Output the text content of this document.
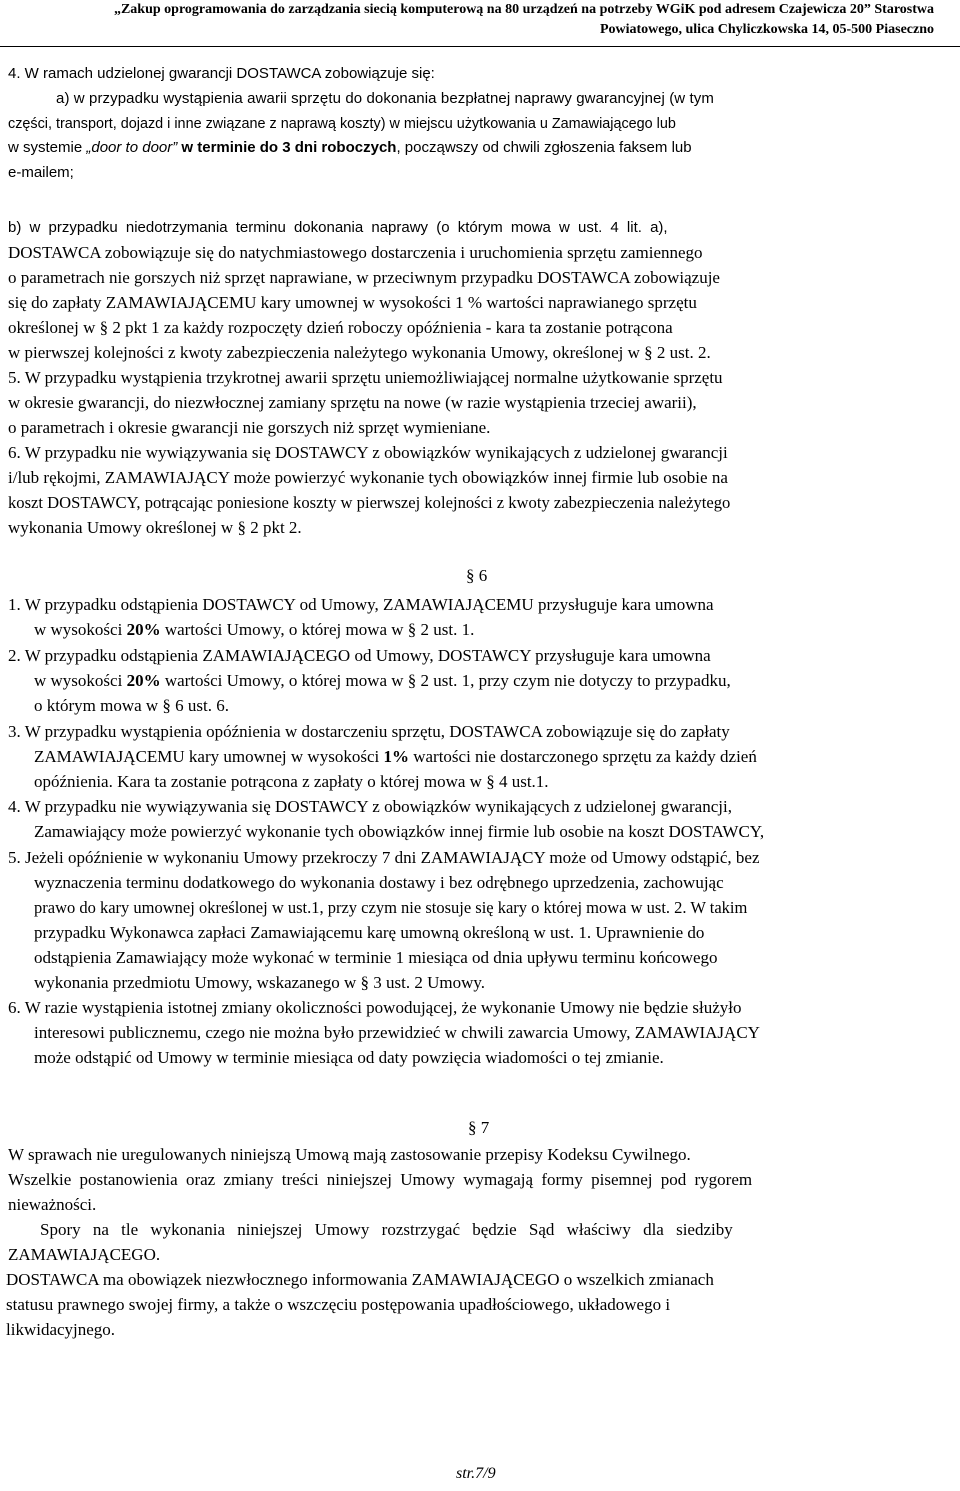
„Zakup oprogramowania do zarządzania siecią komputerową na 80 urządzeń na potrzeby WGiK pod adresem Czajewicza 20” Starostwa
Powiatowego, ulica Chyliczkowska 14, 05-500 Piaseczno
4. W ramach udzielonej gwarancji DOSTAWCA zobowiązuje się:
a) w przypadku wystąpienia awarii sprzętu do dokonania bezpłatnej naprawy gwarancyjnej (w tym
części, transport, dojazd i inne związane z naprawą koszty) w miejscu użytkowania u Zamawiającego lub
w systemie „door to door” w terminie do 3 dni roboczych, począwszy od chwili zgłoszenia faksem lub
e-mailem;
b) w przypadku niedotrzymania terminu dokonania naprawy (o którym mowa w ust. 4 lit. a),
DOSTAWCA zobowiązuje się do natychmiastowego dostarczenia i uruchomienia sprzętu zamiennego
o parametrach nie gorszych niż sprzęt naprawiane, w przeciwnym przypadku DOSTAWCA zobowiązuje
się do zapłaty ZAMAWIAJĄCEMU kary umownej w wysokości 1 % wartości naprawianego sprzętu
określonej w § 2 pkt 1 za każdy rozpoczęty dzień roboczy opóźnienia - kara ta zostanie potrącona
w pierwszej kolejności z kwoty zabezpieczenia należytego wykonania Umowy, określonej w § 2 ust. 2.
5. W przypadku wystąpienia trzykrotnej awarii sprzętu uniemożliwiającej normalne użytkowanie sprzętu
w okresie gwarancji, do niezwłocznej zamiany sprzętu na nowe (w razie wystąpienia trzeciej awarii),
o parametrach i okresie gwarancji nie gorszych niż sprzęt wymieniane.
6. W przypadku nie wywiązywania się DOSTAWCY z obowiązków wynikających z udzielonej gwarancji
i/lub rękojmi, ZAMAWIAJĄCY może powierzyć wykonanie tych obowiązków innej firmie lub osobie na
koszt DOSTAWCY, potrącając poniesione koszty w pierwszej kolejności z kwoty zabezpieczenia należytego
wykonania Umowy określonej w § 2 pkt 2.
§ 6
1. W przypadku odstąpienia DOSTAWCY od Umowy, ZAMAWIAJĄCEMU przysługuje kara umowna
w wysokości 20% wartości Umowy, o której mowa w § 2 ust. 1.
2. W przypadku odstąpienia ZAMAWIAJĄCEGO od Umowy, DOSTAWCY przysługuje kara umowna
w wysokości 20% wartości Umowy, o której mowa w § 2 ust. 1, przy czym nie dotyczy to przypadku,
o którym mowa w § 6 ust. 6.
3. W przypadku wystąpienia opóźnienia w dostarczeniu sprzętu, DOSTAWCA zobowiązuje się do zapłaty
ZAMAWIAJĄCEMU kary umownej w wysokości 1% wartości nie dostarczonego sprzętu za każdy dzień
opóźnienia. Kara ta zostanie potrącona z zapłaty o której mowa w § 4 ust.1.
4. W przypadku nie wywiązywania się DOSTAWCY z obowiązków wynikających z udzielonej gwarancji,
Zamawiający może powierzyć wykonanie tych obowiązków innej firmie lub osobie na koszt DOSTAWCY,
5. Jeżeli opóźnienie w wykonaniu Umowy przekroczy 7 dni ZAMAWIAJĄCY może od Umowy odstąpić, bez
wyznaczenia terminu dodatkowego do wykonania dostawy i bez odrębnego uprzedzenia, zachowując
prawo do kary umownej określonej w ust.1, przy czym nie stosuje się kary o której mowa w ust. 2. W takim
przypadku Wykonawca zapłaci Zamawiającemu karę umowną określoną w ust. 1. Uprawnienie do
odstąpienia Zamawiający może wykonać w terminie 1 miesiąca od dnia upływu terminu końcowego
wykonania przedmiotu Umowy, wskazanego w § 3 ust. 2 Umowy.
6. W razie wystąpienia istotnej zmiany okoliczności powodującej, że wykonanie Umowy nie będzie służyło
interesowi publicznemu, czego nie można było przewidzieć w chwili zawarcia Umowy, ZAMAWIAJĄCY
może odstąpić od Umowy w terminie miesiąca od daty powzięcia wiadomości o tej zmianie.
§ 7
W sprawach nie uregulowanych niniejszą Umową mają zastosowanie przepisy Kodeksu Cywilnego.
Wszelkie postanowienia oraz zmiany treści niniejszej Umowy wymagają formy pisemnej pod rygorem
nieważności.
Spory na tle wykonania niniejszej Umowy rozstrzygać będzie Sąd właściwy dla siedziby
ZAMAWIAJĄCEGO.
DOSTAWCA ma obowiązek niezwłocznego informowania ZAMAWIAJĄCEGO o wszelkich zmianach
statusu prawnego swojej firmy, a także o wszczęciu postępowania upadłościowego, układowego i
likwidacyjnego.
str.7/9
